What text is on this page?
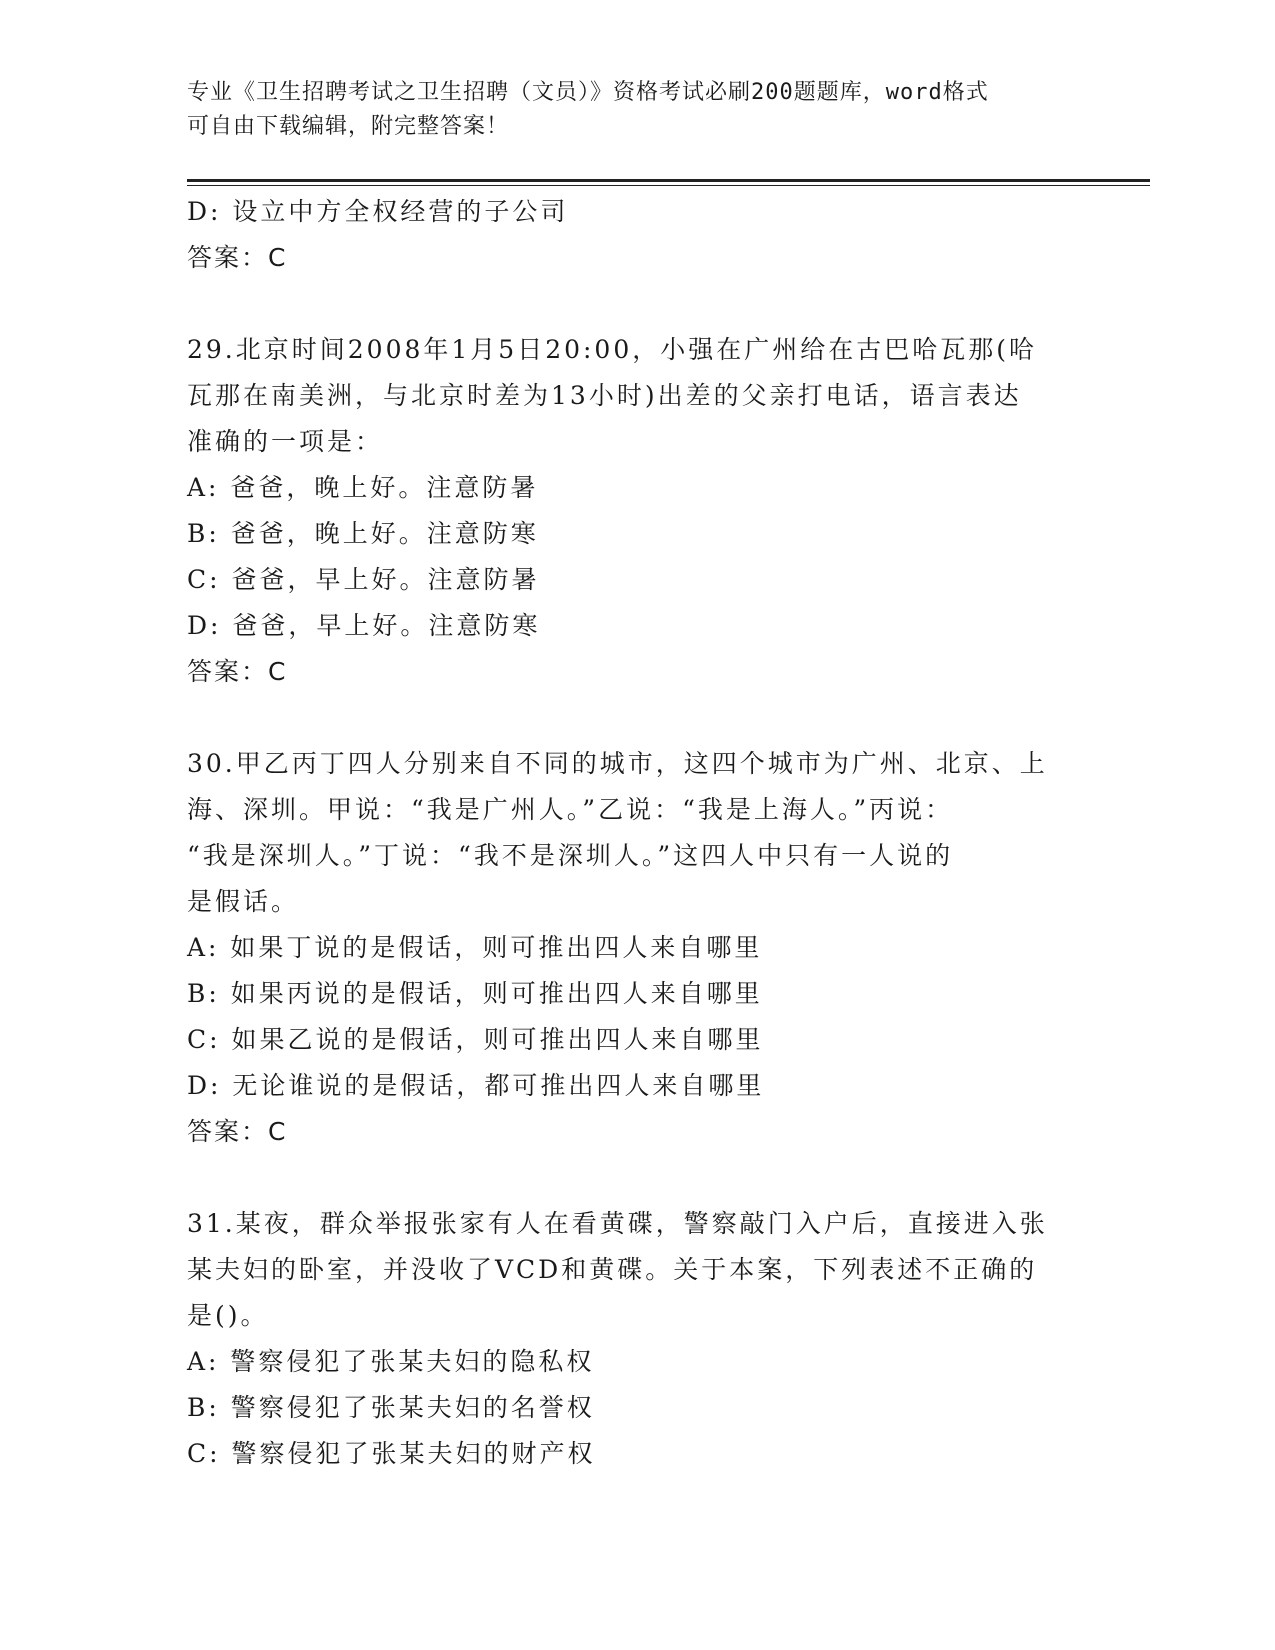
专业《卫生招聘考试之卫生招聘（文员）》资格考试必刷200题题库，word格式
可自由下载编辑，附完整答案！
D: 设立中方全权经营的子公司
答案：C
29.北京时间2008年1月5日20:00，小强在广州给在古巴哈瓦那(哈
瓦那在南美洲，与北京时差为13小时)出差的父亲打电话，语言表达
准确的一项是：
A: 爸爸，晚上好。注意防暑
B: 爸爸，晚上好。注意防寒
C: 爸爸，早上好。注意防暑
D: 爸爸，早上好。注意防寒
答案：C
30.甲乙丙丁四人分别来自不同的城市，这四个城市为广州、北京、上
海、深圳。甲说：“我是广州人。”乙说：“我是上海人。”丙说：
“我是深圳人。”丁说：“我不是深圳人。”这四人中只有一人说的
是假话。
A: 如果丁说的是假话，则可推出四人来自哪里
B: 如果丙说的是假话，则可推出四人来自哪里
C: 如果乙说的是假话，则可推出四人来自哪里
D: 无论谁说的是假话，都可推出四人来自哪里
答案：C
31.某夜，群众举报张家有人在看黄碟，警察敲门入户后，直接进入张
某夫妇的卧室，并没收了VCD和黄碟。关于本案，下列表述不正确的
是()。
A: 警察侵犯了张某夫妇的隐私权
B: 警察侵犯了张某夫妇的名誉权
C: 警察侵犯了张某夫妇的财产权
